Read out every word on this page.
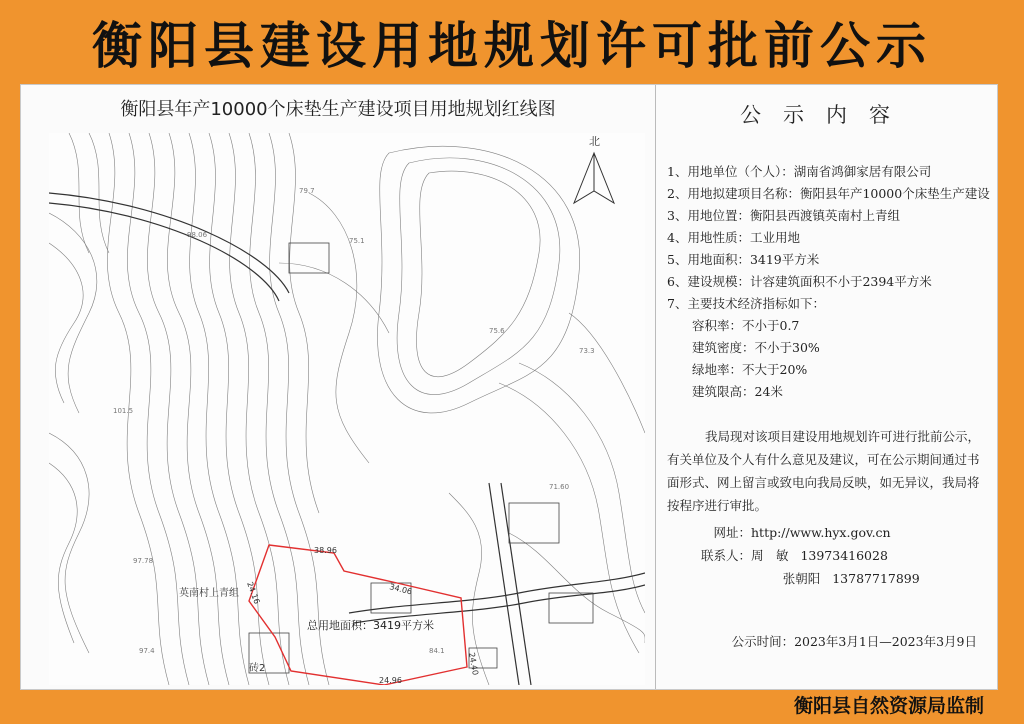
衡阳县建设用地规划许可批前公示
衡阳县年产10000个床垫生产建设项目用地规划红线图
北
38.96
24.40
24.96
24.16	34.06
总用地面积：3419平方米
英南村上青组
砖2
98.06
101.5
75.1
75.6
71.60
97.78
79.7
97.4
73.3
84.1
公示内容
1、用地单位（个人）：湖南省鸿御家居有限公司
2、用地拟建项目名称：衡阳县年产10000个床垫生产建设
3、用地位置：衡阳县西渡镇英南村上青组
4、用地性质：工业用地
5、用地面积：3419平方米
6、建设规模：计容建筑面积不小于2394平方米
7、主要技术经济指标如下：
容积率：不小于0.7
建筑密度：不小于30%
绿地率：不大于20%
建筑限高：24米
我局现对该项目建设用地规划许可进行批前公示，有关单位及个人有什么意见及建议，可在公示期间通过书面形式、网上留言或致电向我局反映，如无异议，我局将按程序进行审批。
网址：http://www.hyx.gov.cn
联系人：周　敏 13973416028
张朝阳 13787717899
公示时间：2023年3月1日—2023年3月9日
衡阳县自然资源局监制
